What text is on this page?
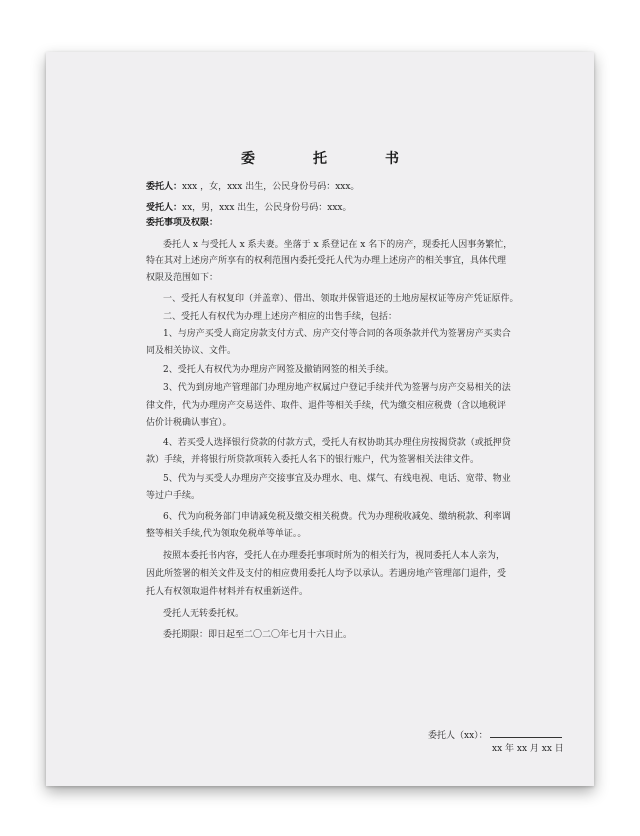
委　托　书
委托人：xxx ，女，xxx 出生，公民身份号码：xxx。
受托人：xx，男，xxx 出生，公民身份号码：xxx。
委托事项及权限：
委托人 x 与受托人 x 系夫妻。坐落于 x 系登记在 x 名下的房产，现委托人因事务繁忙，
特在其对上述房产所享有的权利范围内委托受托人代为办理上述房产的相关事宜，具体代理
权限及范围如下：
一、受托人有权复印（并盖章）、借出、领取并保管退还的土地房屋权证等房产凭证原件。
二、受托人有权代为办理上述房产相应的出售手续，包括：
1、与房产买受人商定房款支付方式、房产交付等合同的各项条款并代为签署房产买卖合
同及相关协议、文件。
2、受托人有权代为办理房产网签及撤销网签的相关手续。
3、代为到房地产管理部门办理房地产权属过户登记手续并代为签署与房产交易相关的法
律文件，代为办理房产交易送件、取件、退件等相关手续，代为缴交相应税费（含以地税评
估价计税确认事宜）。
4、若买受人选择银行贷款的付款方式，受托人有权协助其办理住房按揭贷款（或抵押贷
款）手续，并将银行所贷款项转入委托人名下的银行账户，代为签署相关法律文件。
5、代为与买受人办理房产交接事宜及办理水、电、煤气、有线电视、电话、宽带、物业
等过户手续。
6、代为向税务部门申请减免税及缴交相关税费。代为办理税收减免、缴纳税款、利率调
整等相关手续,代为领取免税单等单证。。
按照本委托书内容，受托人在办理委托事项时所为的相关行为，视同委托人本人亲为，
因此所签署的相关文件及支付的相应费用委托人均予以承认。若遇房地产管理部门退件，受
托人有权领取退件材料并有权重新送件。
受托人无转委托权。
委托期限：即日起至二〇二〇年七月十六日止。
委托人（xx）：
xx 年 xx 月 xx 日
